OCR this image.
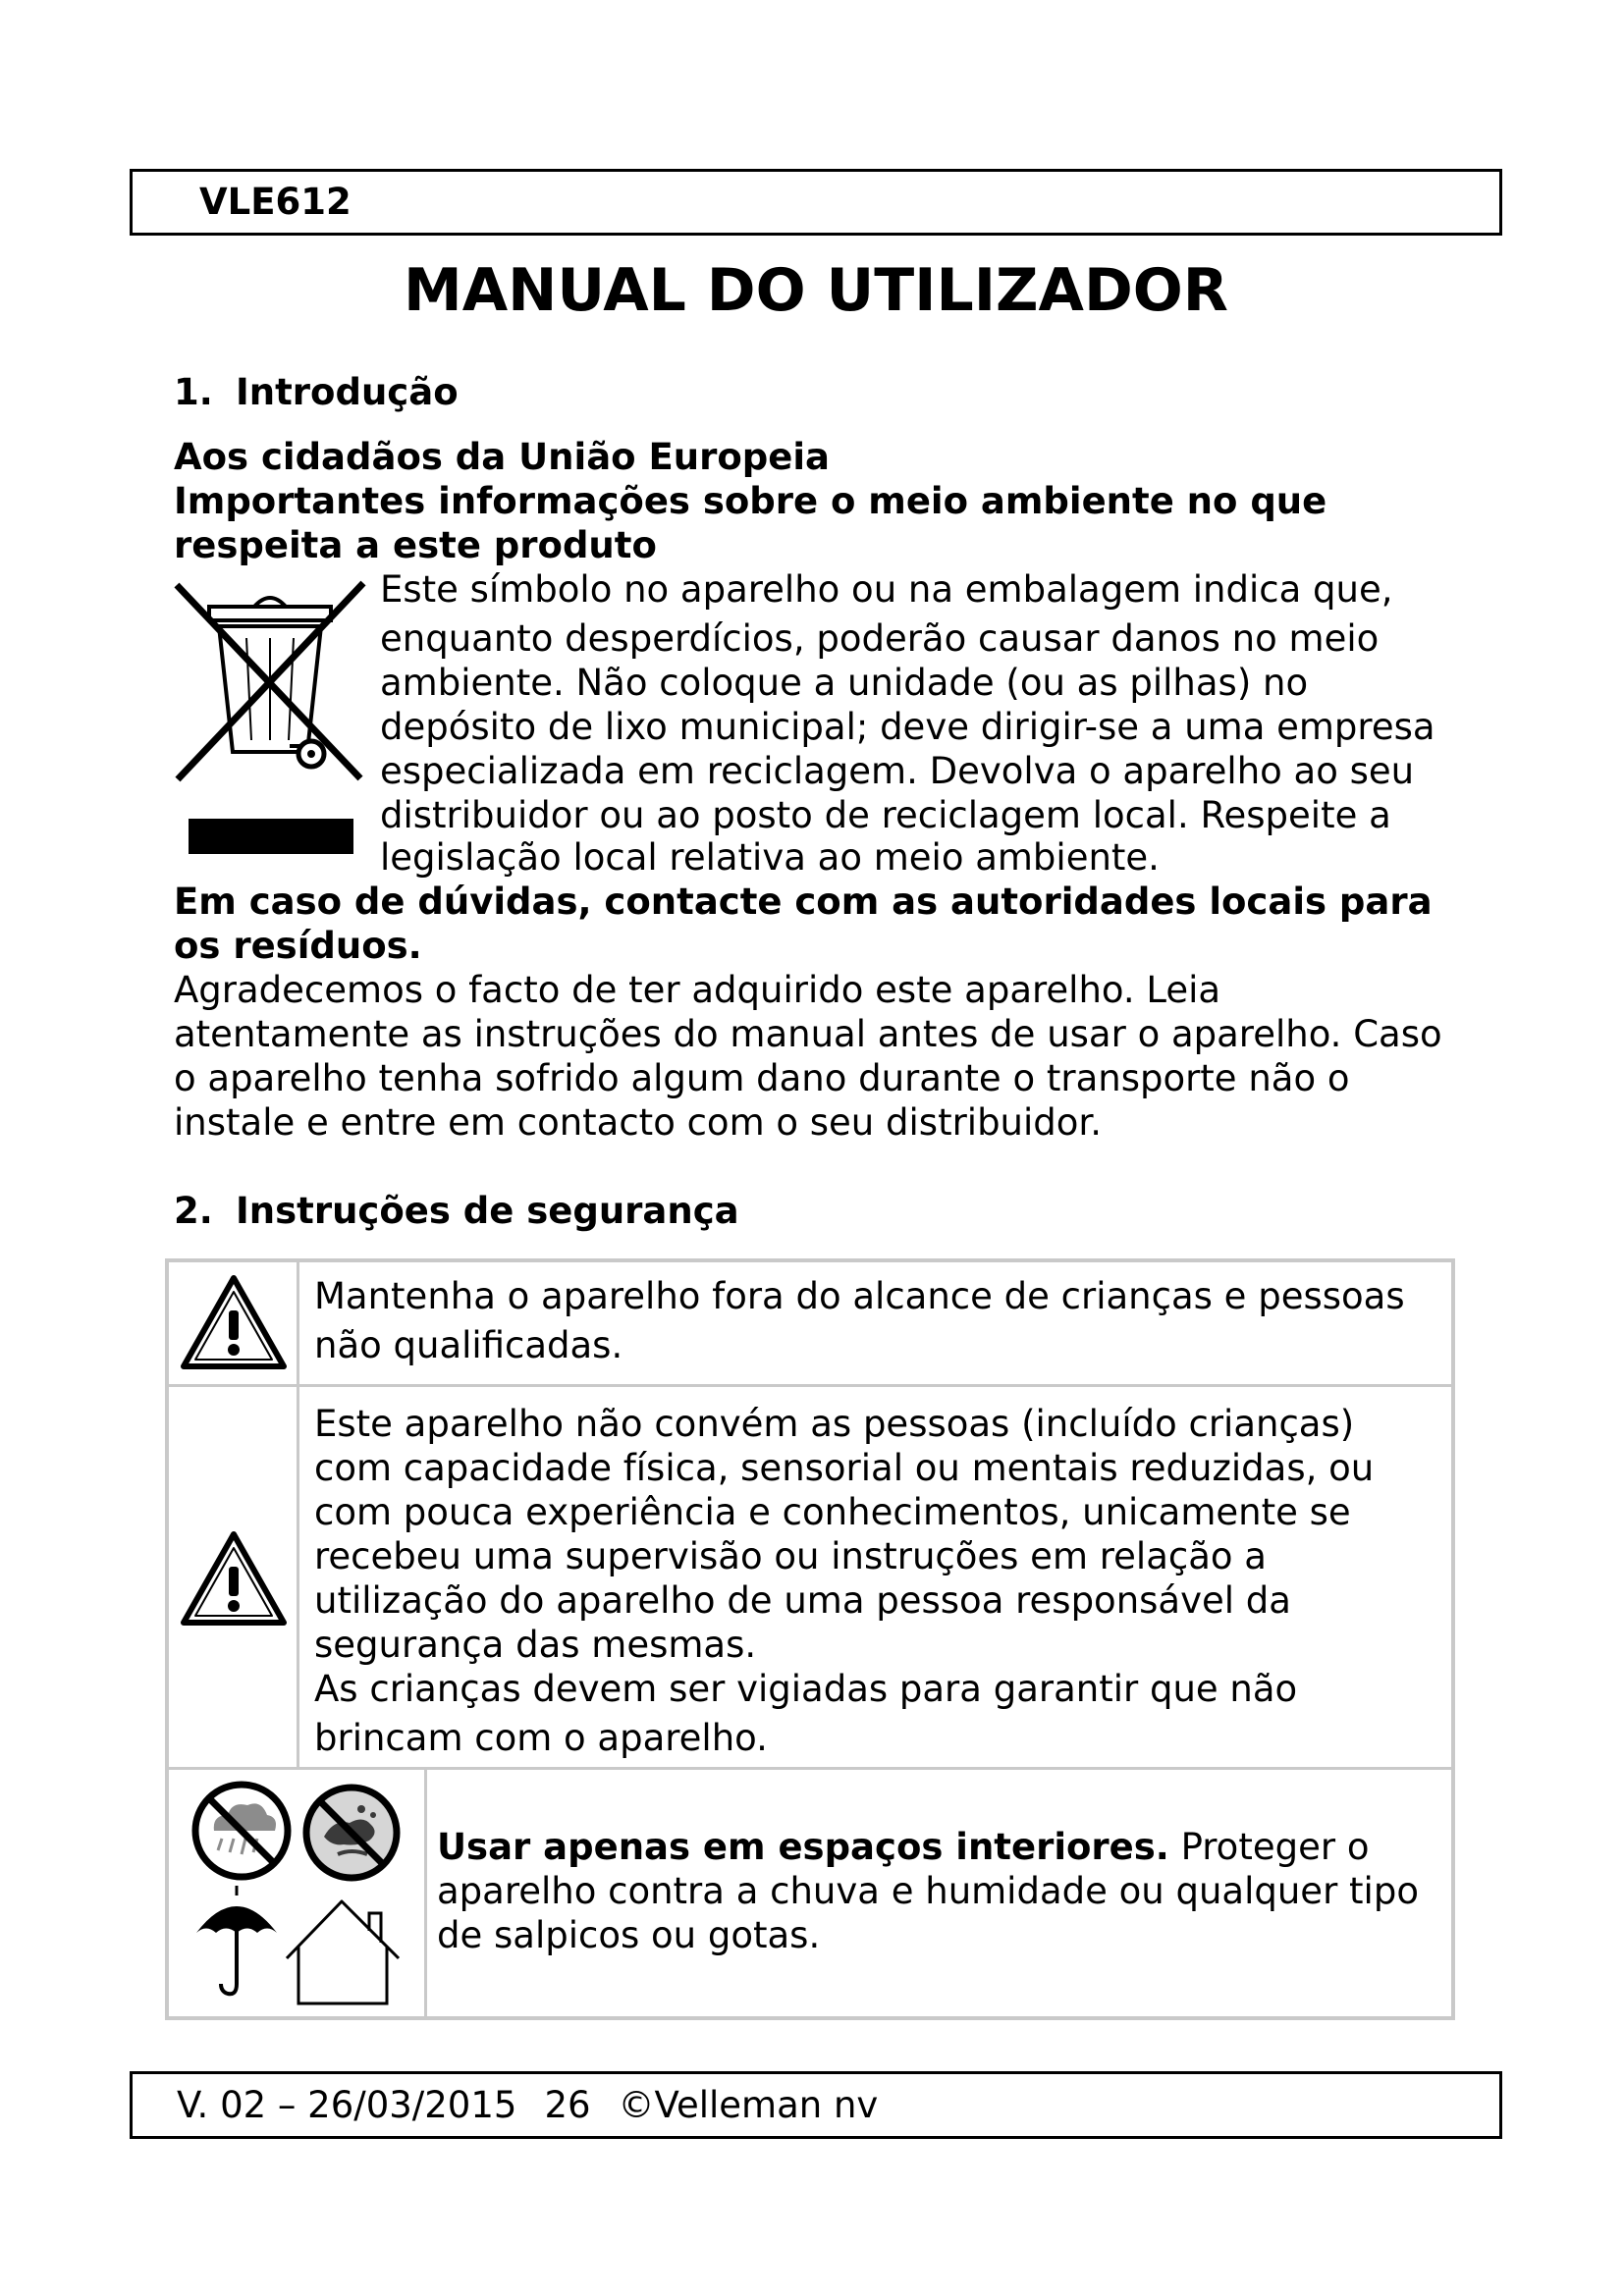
VLE612
MANUAL DO UTILIZADOR
1. Introdução
Aos cidadãos da União Europeia
Importantes informações sobre o meio ambiente no que
respeita a este produto
Este símbolo no aparelho ou na embalagem indica que,
enquanto desperdícios, poderão causar danos no meio
ambiente. Não coloque a unidade (ou as pilhas) no
depósito de lixo municipal; deve dirigir-se a uma empresa
especializada em reciclagem. Devolva o aparelho ao seu
distribuidor ou ao posto de reciclagem local. Respeite a
legislação local relativa ao meio ambiente.
Em caso de dúvidas, contacte com as autoridades locais para
os resíduos.
Agradecemos o facto de ter adquirido este aparelho. Leia
atentamente as instruções do manual antes de usar o aparelho. Caso
o aparelho tenha sofrido algum dano durante o transporte não o
instale e entre em contacto com o seu distribuidor.
2. Instruções de segurança
Mantenha o aparelho fora do alcance de crianças e pessoas
não qualificadas.
Este aparelho não convém as pessoas (incluído crianças)
com capacidade física, sensorial ou mentais reduzidas, ou
com pouca experiência e conhecimentos, unicamente se
recebeu uma supervisão ou instruções em relação a
utilização do aparelho de uma pessoa responsável da
segurança das mesmas.
As crianças devem ser vigiadas para garantir que não
brincam com o aparelho.
Usar apenas em espaços interiores. Proteger o
aparelho contra a chuva e humidade ou qualquer tipo
de salpicos ou gotas.
V. 02 – 26/03/2015 26 ©Velleman nv
